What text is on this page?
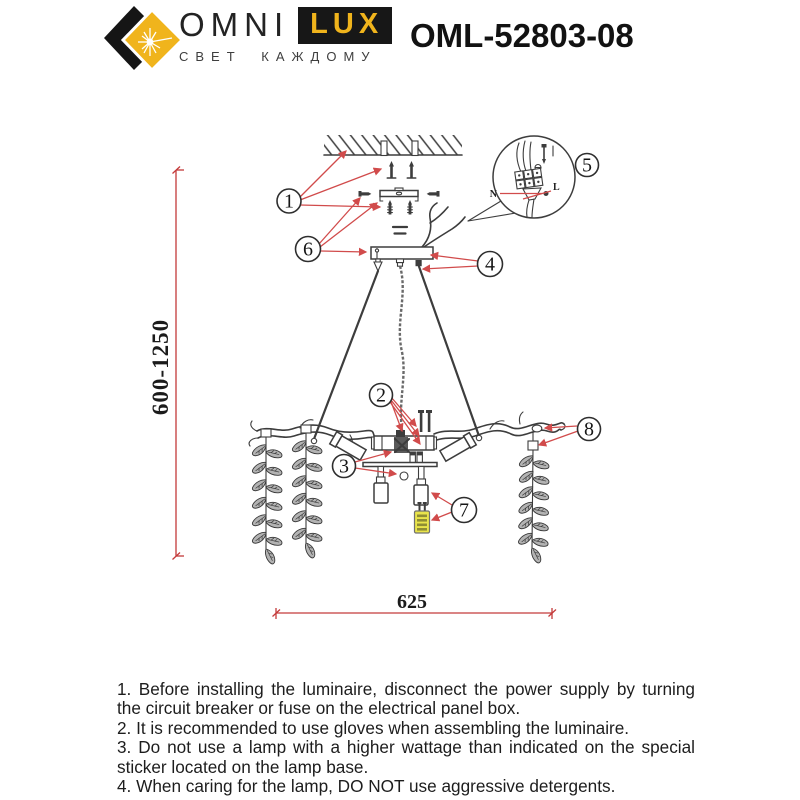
OMNI LUX
СВЕТ КАЖДОМУ
OML-52803-08
N
L
1
6
4
5
2
3
7
8
600-1250
625

1. Before installing the luminaire, disconnect the power supply by turning the circuit breaker or fuse on the electrical panel box.

2. It is recommended to use gloves when assembling the luminaire.

3. Do not use a lamp with a higher wattage than indicated on the special sticker located on the lamp base.

4. When caring for the lamp, DO NOT use aggressive detergents.
